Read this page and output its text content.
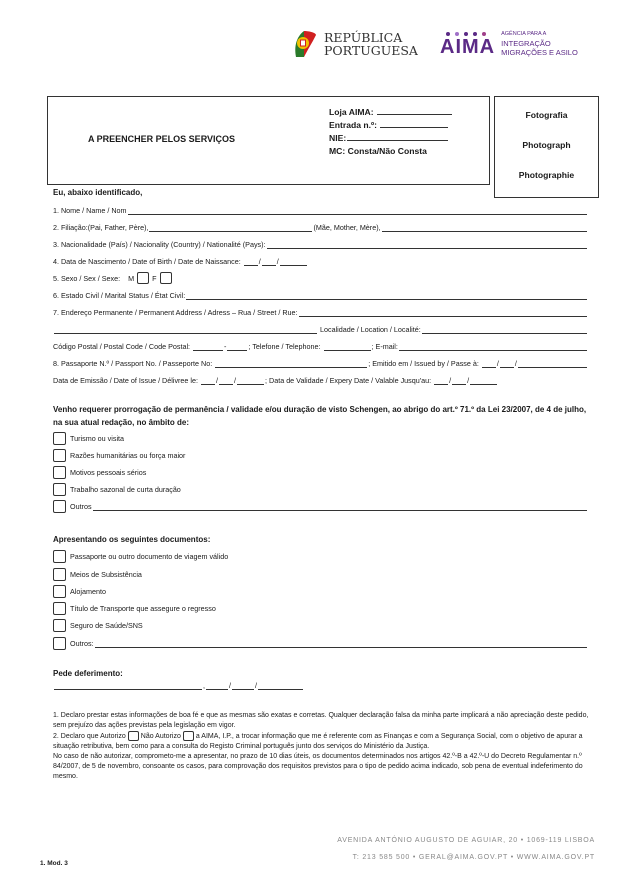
REPÚBLICA
PORTUGUESA AIMA
AGÊNCIA PARA A
INTEGRAÇÃO
MIGRAÇÕES E ASILO
A PREENCHER PELOS SERVIÇOS
Loja AIMA:
Entrada n.º:
NIE:
MC: Consta/Não Consta
Fotografia
Photograph
Photographie
Eu, abaixo identificado,
1. Nome / Name / Nom
2. Filiação:(Pai, Father, Père),	(Mãe, Mother, Mère),
3. Nacionalidade (País) / Nacionality (Country) / Nationalité (Pays):
4. Data de Nascimento / Date of Birth / Date de Naissance:
	/ /
5. Sexo / Sex / Sexe:
M	F
6. Estado Civil / Marital Status / État Civil:
7. Endereço Permanente / Permanent Address / Adress – Rua / Street / Rue:

Localidade / Location / Localité:
Código Postal / Postal Code / Code Postal:
	-	; Telefone / Telephone:
	; E-mail:
8. Passaporte N.º / Passport No. / Passeporte No:
	; Emitido em / Issued by / Passe à:
	/ /
Data de Emissão / Date of Issue / Délivree le:
	/ /	; Data de Validade / Expery Date / Valable Jusqu'au:
	/ /
Venho requerer prorrogação de permanência / validade e/ou duração de visto Schengen, ao abrigo do art.º 71.º da Lei 23/2007, de 4 de julho, na sua atual redação, no âmbito de:
Turismo ou visita
Razões humanitárias ou força maior
Motivos pessoais sérios
Trabalho sazonal de curta duração
Outros
Apresentando os seguintes documentos:
Passaporte ou outro documento de viagem válido
Meios de Subsistência
Alojamento
Título de Transporte que assegure o regresso
Seguro de Saúde/SNS
Outros:
Pede deferimento:
,	/	/
1. Declaro prestar estas informações de boa fé e que as mesmas são exatas e corretas. Qualquer declaração falsa da minha parte implicará a não apreciação deste pedido, sem prejuízo das ações previstas pela legislação em vigor.
2. Declaro que Autorizo Não Autorizo a AIMA, I.P., a trocar informação que me é referente com as Finanças e com a Segurança Social, com o objetivo de apurar a situação retributiva, bem como para a consulta do Registo Criminal português junto dos serviços do Ministério da Justiça.
No caso de não autorizar, comprometo-me a apresentar, no prazo de 10 dias úteis, os documentos determinados nos artigos 42.º-B a 42.º-U do Decreto Regulamentar n.º 84/2007, de 5 de novembro, consoante os casos, para comprovação dos requisitos previstos para o tipo de pedido acima indicado, sob pena de eventual indeferimento do mesmo.
AVENIDA ANTÓNIO AUGUSTO DE AGUIAR, 20 • 1069-119 LISBOA
T: 213 585 500 • GERAL@AIMA.GOV.PT • WWW.AIMA.GOV.PT
1. Mod. 3
